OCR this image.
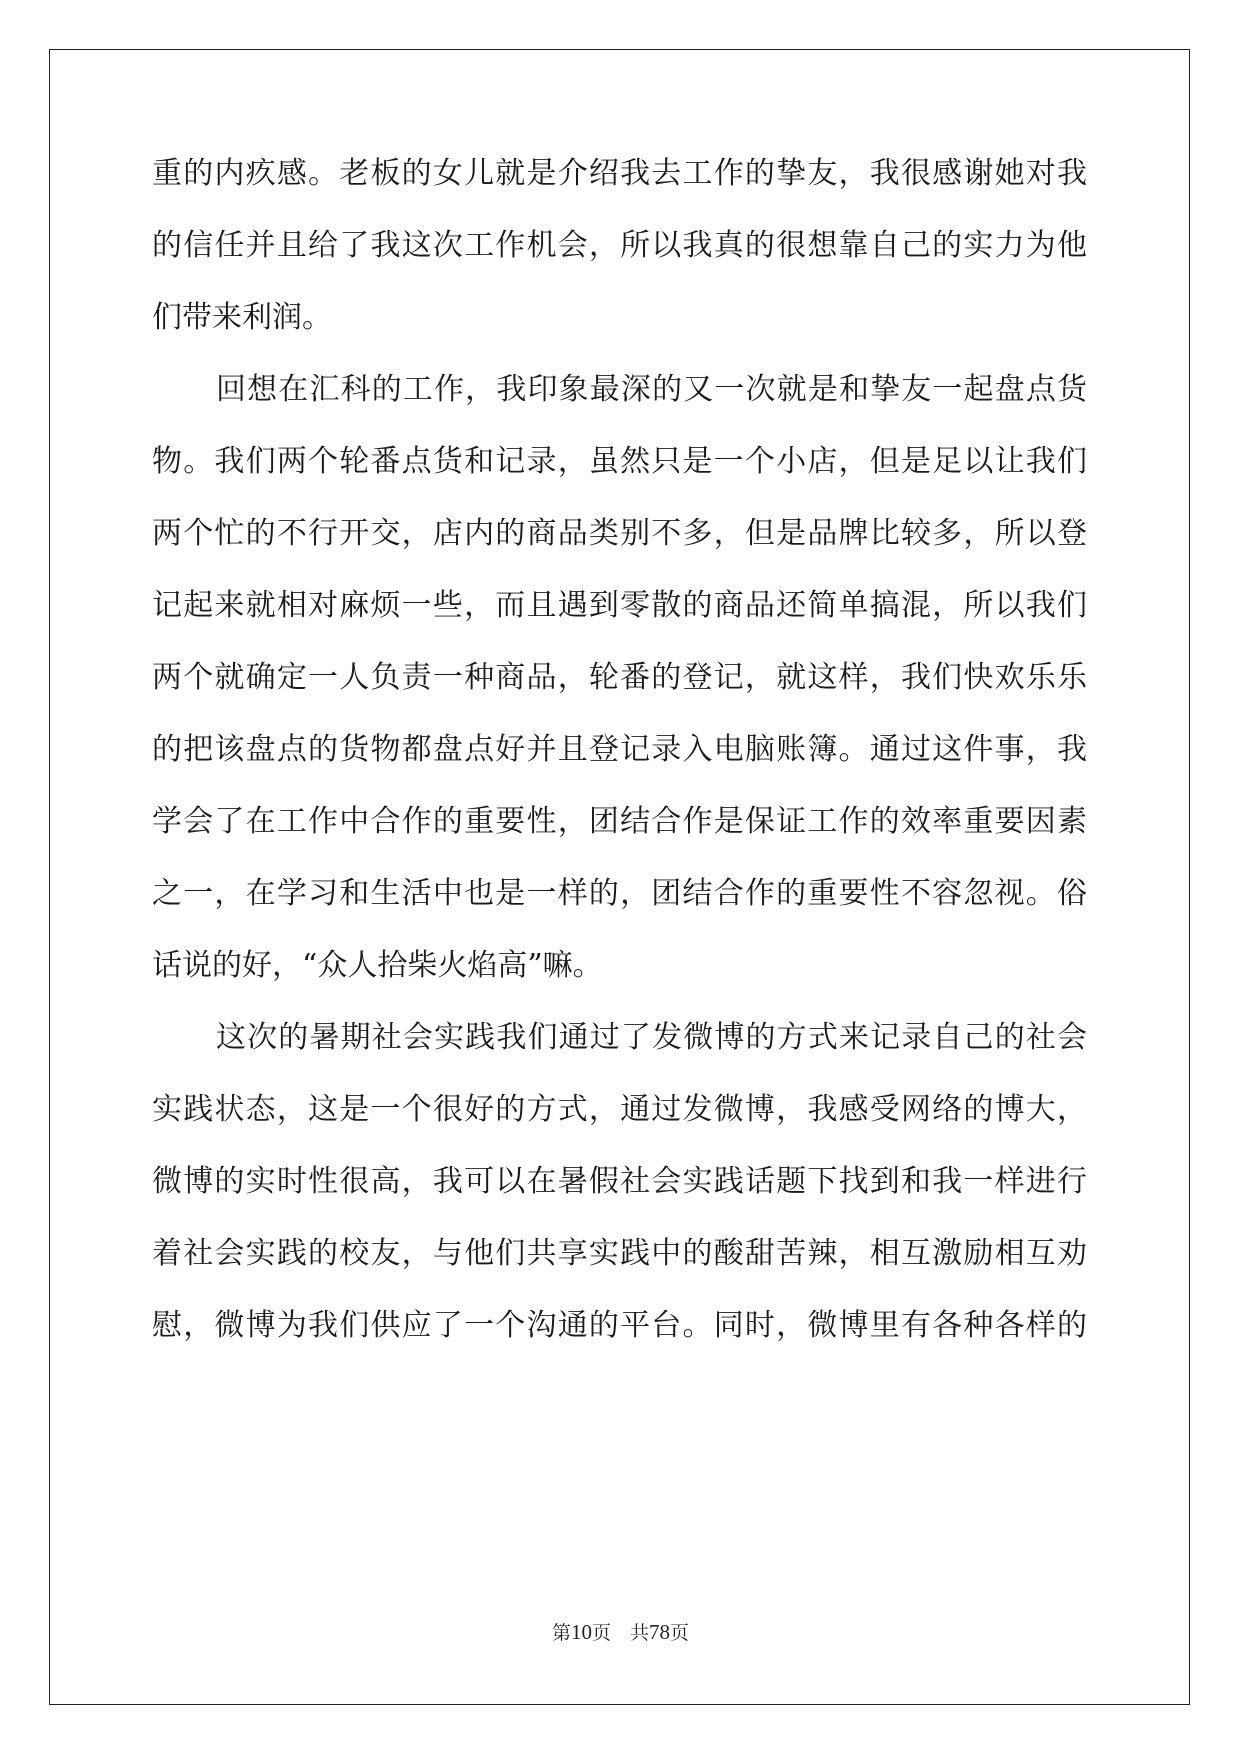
重的内疚感。老板的女儿就是介绍我去工作的挚友，我很感谢她对我
的信任并且给了我这次工作机会，所以我真的很想靠自己的实力为他
们带来利润。
回想在汇科的工作，我印象最深的又一次就是和挚友一起盘点货
物。我们两个轮番点货和记录，虽然只是一个小店，但是足以让我们
两个忙的不行开交，店内的商品类别不多，但是品牌比较多，所以登
记起来就相对麻烦一些，而且遇到零散的商品还简单搞混，所以我们
两个就确定一人负责一种商品，轮番的登记，就这样，我们快欢乐乐
的把该盘点的货物都盘点好并且登记录入电脑账簿。通过这件事，我
学会了在工作中合作的重要性，团结合作是保证工作的效率重要因素
之一，在学习和生活中也是一样的，团结合作的重要性不容忽视。俗
话说的好，“众人拾柴火焰高”嘛。
这次的暑期社会实践我们通过了发微博的方式来记录自己的社会
实践状态，这是一个很好的方式，通过发微博，我感受网络的博大，
微博的实时性很高，我可以在暑假社会实践话题下找到和我一样进行
着社会实践的校友，与他们共享实践中的酸甜苦辣，相互激励相互劝
慰，微博为我们供应了一个沟通的平台。同时，微博里有各种各样的
第10页　共78页
